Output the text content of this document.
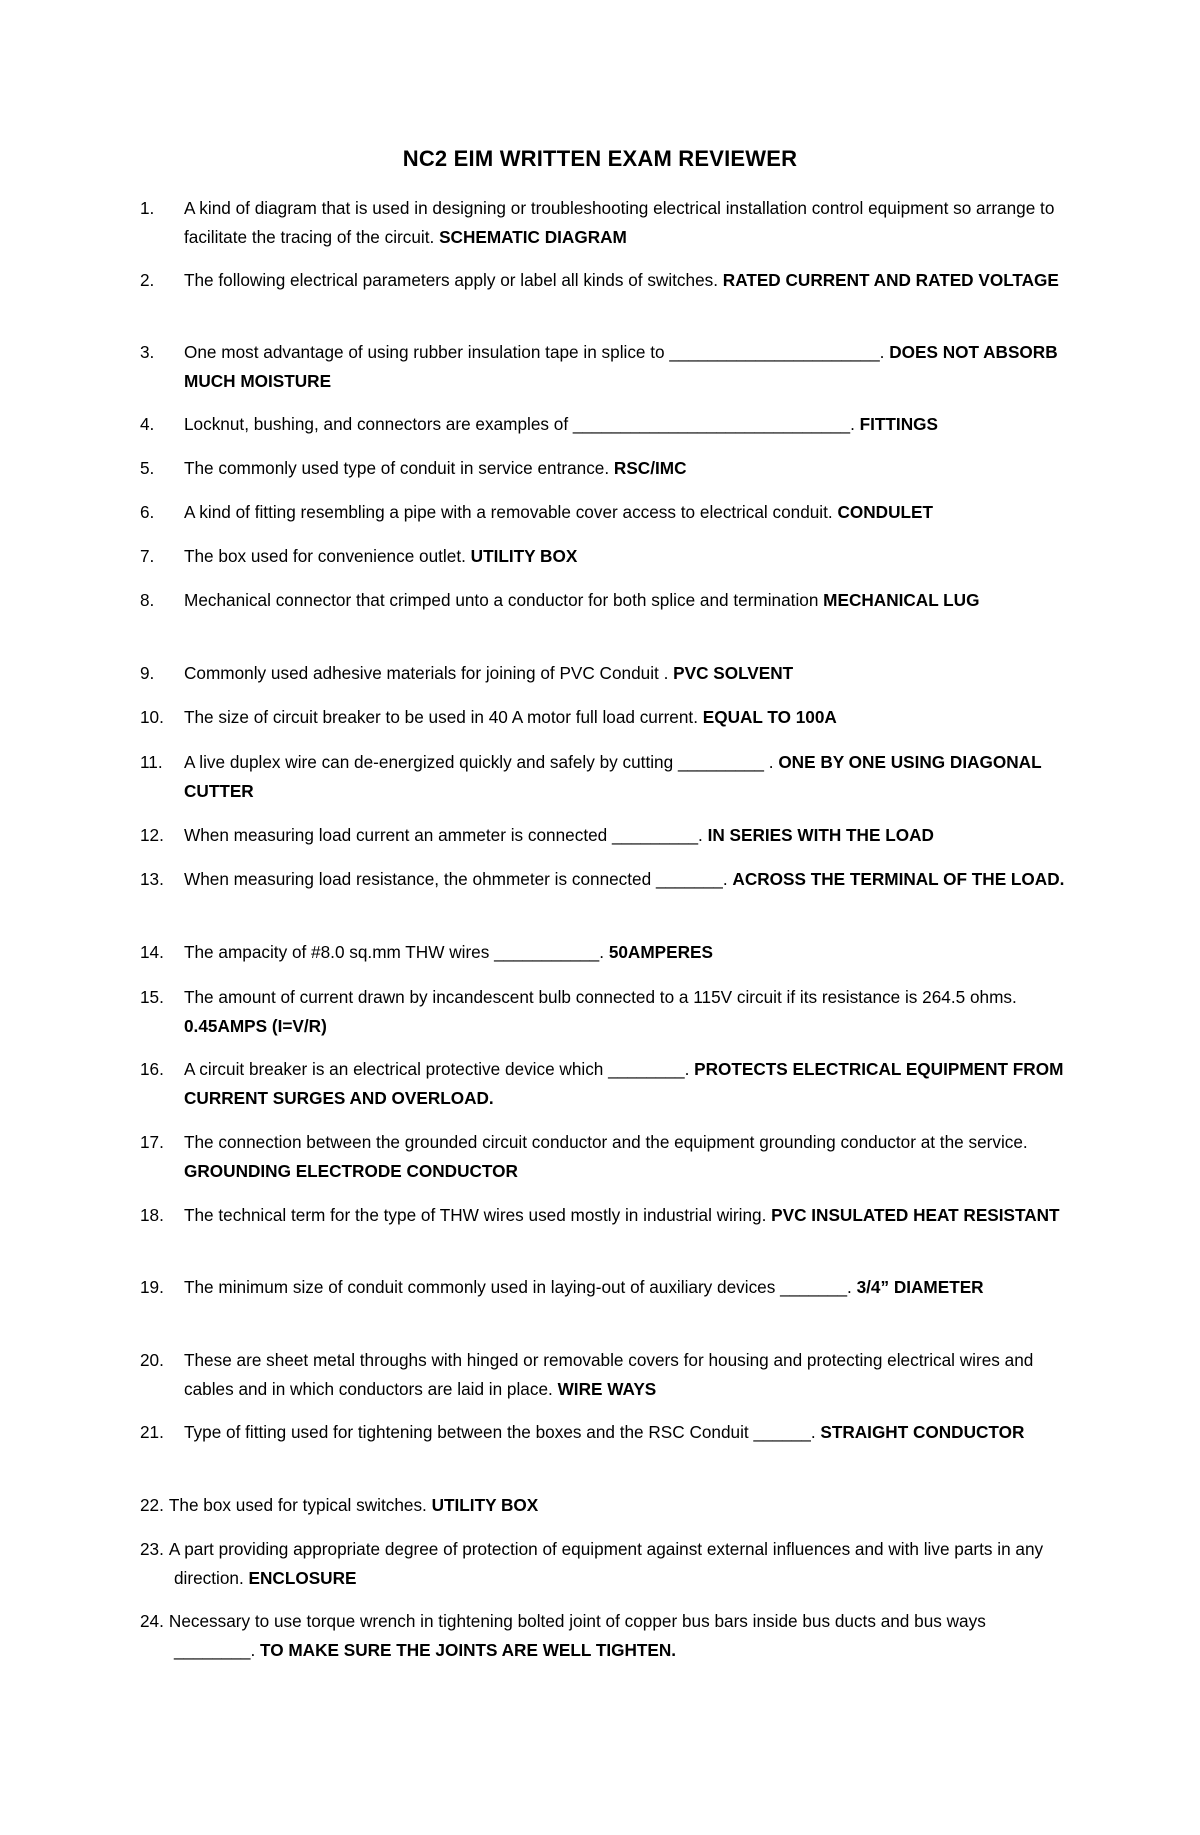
NC2 EIM WRITTEN EXAM REVIEWER
1. A kind of diagram that is used in designing or troubleshooting electrical installation control equipment so arrange to facilitate the tracing of the circuit. SCHEMATIC DIAGRAM
2. The following electrical parameters apply or label all kinds of switches. RATED CURRENT AND RATED VOLTAGE
3. One most advantage of using rubber insulation tape in splice to ______________________. DOES NOT ABSORB MUCH MOISTURE
4. Locknut, bushing, and connectors are examples of _____________________________. FITTINGS
5. The commonly used type of conduit in service entrance. RSC/IMC
6. A kind of fitting resembling a pipe with a removable cover access to electrical conduit. CONDULET
7. The box used for convenience outlet. UTILITY BOX
8. Mechanical connector that crimped unto a conductor for both splice and termination MECHANICAL LUG
9. Commonly used adhesive materials for joining of PVC Conduit . PVC SOLVENT
10. The size of circuit breaker to be used in 40 A motor full load current. EQUAL TO 100A
11. A live duplex wire can de-energized quickly and safely by cutting _________ . ONE BY ONE USING DIAGONAL CUTTER
12. When measuring load current an ammeter is connected _________. IN SERIES WITH THE LOAD
13. When measuring load resistance, the ohmmeter is connected _______. ACROSS THE TERMINAL OF THE LOAD.
14. The ampacity of #8.0 sq.mm THW wires ___________. 50AMPERES
15. The amount of current drawn by incandescent bulb connected to a 115V circuit if its resistance is 264.5 ohms. 0.45AMPS (I=V/R)
16. A circuit breaker is an electrical protective device which ________. PROTECTS ELECTRICAL EQUIPMENT FROM CURRENT SURGES AND OVERLOAD.
17. The connection between the grounded circuit conductor and the equipment grounding conductor at the service. GROUNDING ELECTRODE CONDUCTOR
18. The technical term for the type of THW wires used mostly in industrial wiring. PVC INSULATED HEAT RESISTANT
19. The minimum size of conduit commonly used in laying-out of auxiliary devices _______. 3/4” DIAMETER
20. These are sheet metal throughs with hinged or removable covers for housing and protecting electrical wires and cables and in which conductors are laid in place. WIRE WAYS
21. Type of fitting used for tightening between the boxes and the RSC Conduit ______. STRAIGHT CONDUCTOR
22. The box used for typical switches. UTILITY BOX
23. A part providing appropriate degree of protection of equipment against external influences and with live parts in any direction. ENCLOSURE
24. Necessary to use torque wrench in tightening bolted joint of copper bus bars inside bus ducts and bus ways ________. TO MAKE SURE THE JOINTS ARE WELL TIGHTEN.
